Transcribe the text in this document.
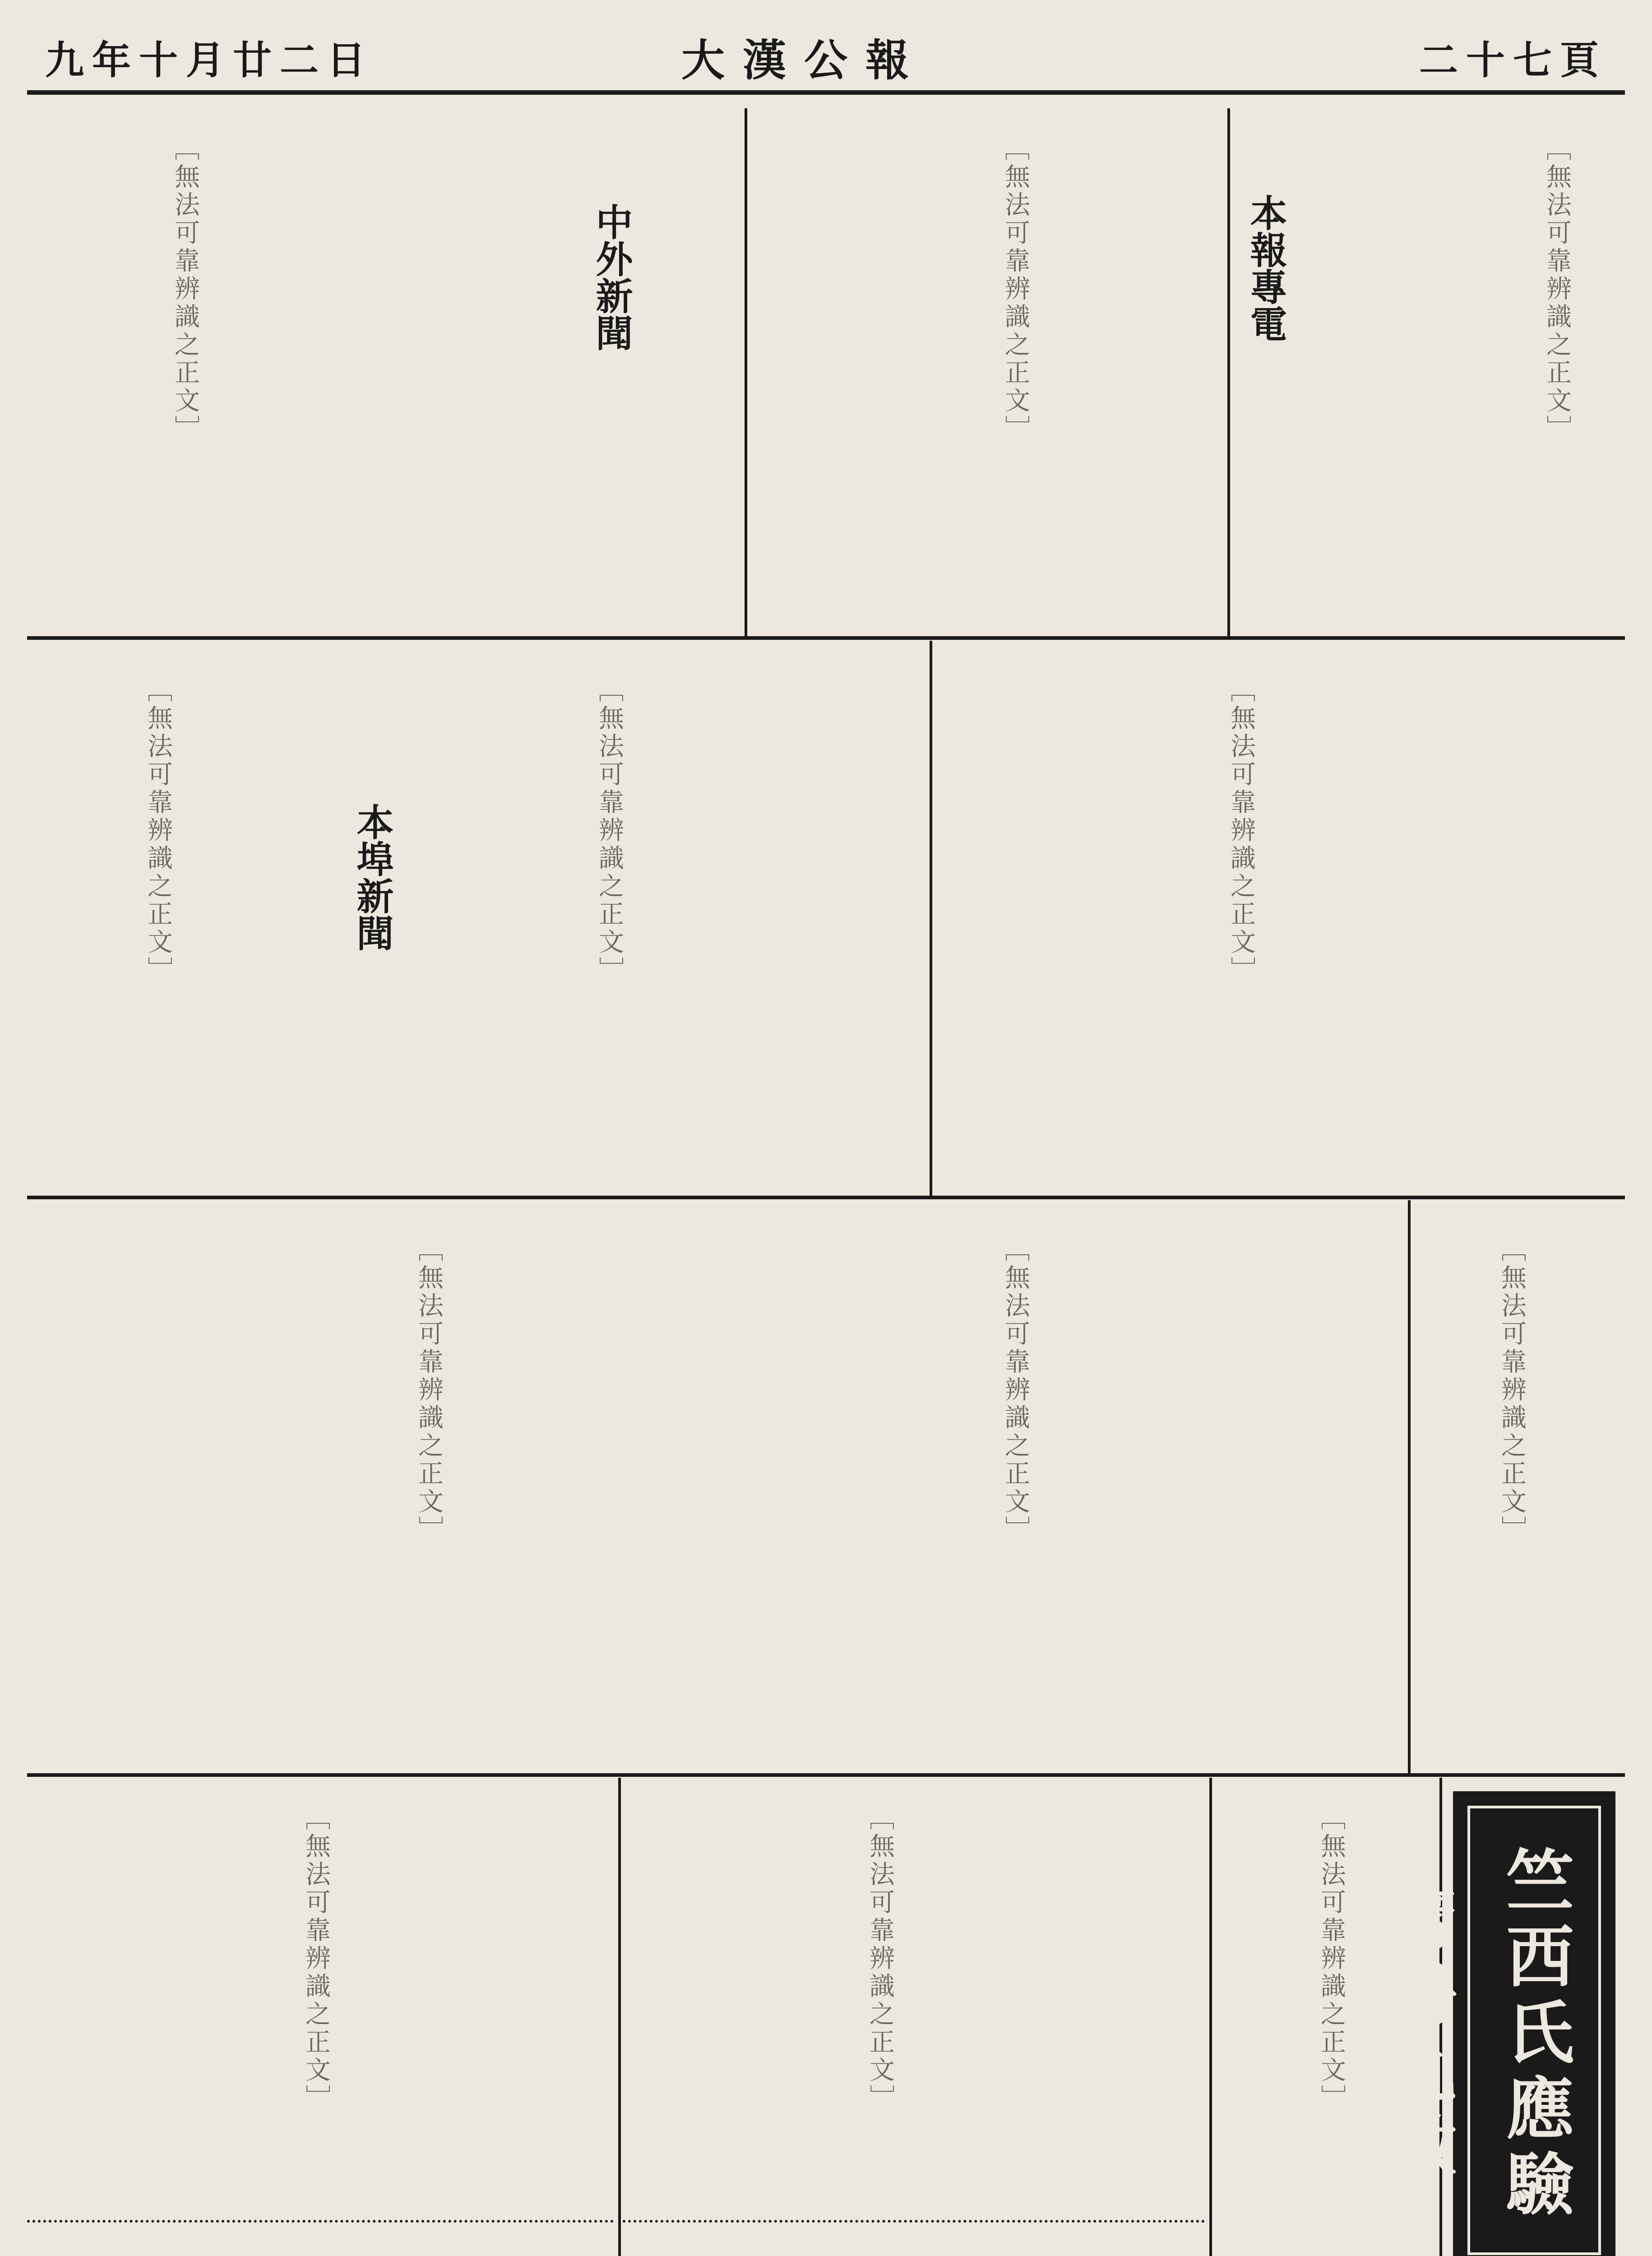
九年十月廿二日	大漢公報	二十七頁
本報專電
中外新聞
本埠新聞
［無法可靠辨識之正文］
［無法可靠辨識之正文］
［無法可靠辨識之正文］
［無法可靠辨識之正文］
［無法可靠辨識之正文］
［無法可靠辨識之正文］
［無法可靠辨識之正文］
［無法可靠辨識之正文］
［無法可靠辨識之正文］
［無法可靠辨識之正文］
［無法可靠辨識之正文］
［無法可靠辨識之正文］	竺西氏應驗膏丹丸散
